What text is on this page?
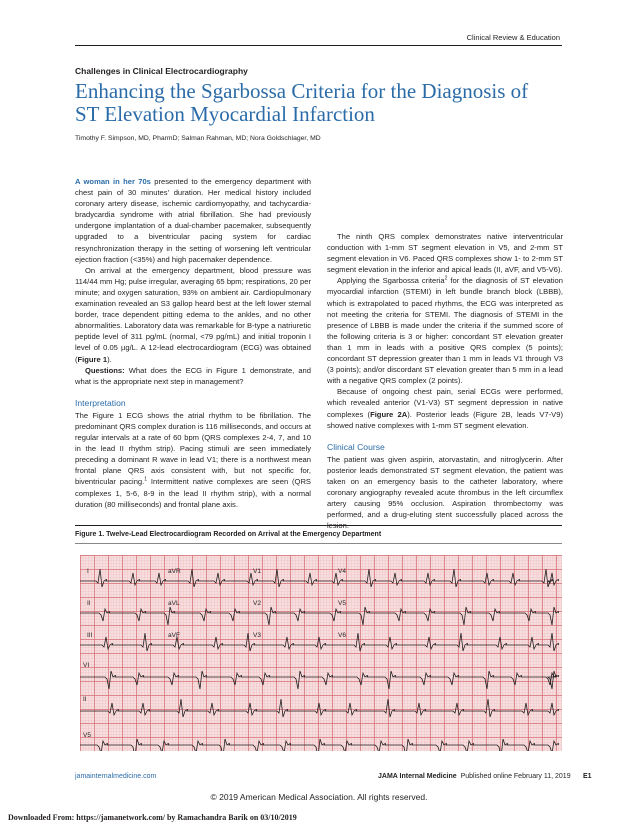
Clinical Review & Education
Challenges in Clinical Electrocardiography
Enhancing the Sgarbossa Criteria for the Diagnosis of ST Elevation Myocardial Infarction
Timothy F. Simpson, MD, PharmD; Salman Rahman, MD; Nora Goldschlager, MD

A woman in her 70s presented to the emergency department with chest pain of 30 minutes' duration. Her medical history included coronary artery disease, ischemic cardiomyopathy, and tachycardia-bradycardia syndrome with atrial fibrillation. She had previously undergone implantation of a dual-chamber pacemaker, subsequently upgraded to a biventricular pacing system for cardiac resynchronization therapy in the setting of worsening left ventricular ejection fraction (<35%) and high pacemaker dependence.

On arrival at the emergency department, blood pressure was 114/44 mm Hg; pulse irregular, averaging 65 bpm; respirations, 20 per minute; and oxygen saturation, 93% on ambient air. Cardiopulmonary examination revealed an S3 gallop heard best at the left lower sternal border, trace dependent pitting edema to the ankles, and no other abnormalities. Laboratory data was remarkable for B-type a natriuretic peptide level of 311 pg/mL (normal, <79 pg/mL) and initial troponin I level of 0.05 µg/L. A 12-lead electrocardiogram (ECG) was obtained (Figure 1).

Questions: What does the ECG in Figure 1 demonstrate, and what is the appropriate next step in management?

Interpretation

The Figure 1 ECG shows the atrial rhythm to be fibrillation. The predominant QRS complex duration is 116 milliseconds, and occurs at regular intervals at a rate of 60 bpm (QRS complexes 2-4, 7, and 10 in the lead II rhythm strip). Pacing stimuli are seen immediately preceding a dominant R wave in lead V1; there is a northwest mean frontal plane QRS axis consistent with, but not specific for, biventricular pacing.$^1$ Intermittent native complexes are seen (QRS complexes 1, 5-6, 8-9 in the lead II rhythm strip), with a normal duration (80 milliseconds) and frontal plane axis.

The ninth QRS complex demonstrates native interventricular conduction with 1-mm ST segment elevation in V5, and 2-mm ST segment elevation in V6. Paced QRS complexes show 1- to 2-mm ST segment elevation in the inferior and apical leads (II, aVF, and V5-V6).

Applying the Sgarbossa criteria$^2$ for the diagnosis of ST elevation myocardial infarction (STEMI) in left bundle branch block (LBBB), which is extrapolated to paced rhythms, the ECG was interpreted as not meeting the criteria for STEMI. The diagnosis of STEMI in the presence of LBBB is made under the criteria if the summed score of the following criteria is 3 or higher: concordant ST elevation greater than 1 mm in leads with a positive QRS complex (5 points); concordant ST depression greater than 1 mm in leads V1 through V3 (3 points); and/or discordant ST elevation greater than 5 mm in a lead with a negative QRS complex (2 points).

Because of ongoing chest pain, serial ECGs were performed, which revealed anterior (V1-V3) ST segment depression in native complexes (Figure 2A). Posterior leads (Figure 2B, leads V7-V9) showed native complexes with 1-mm ST segment elevation.

Clinical Course

The patient was given aspirin, atorvastatin, and nitroglycerin. After posterior leads demonstrated ST segment elevation, the patient was taken on an emergency basis to the catheter laboratory, where coronary angiography revealed acute thrombus in the left circumflex artery causing 95% occlusion. Aspiration thrombectomy was performed, and a drug-eluting stent successfully placed across the lesion.

Figure 1. Twelve-Lead Electrocardiogram Recorded on Arrival at the Emergency Department
I	aVR	V1	V4
II	aVL	V2	V5
III	aVF	V3	V6
VI
II
V5
jamainternalmedicine.com	JAMA Internal Medicine Published online February 11, 2019 E1
© 2019 American Medical Association. All rights reserved.
Downloaded From: https://jamanetwork.com/ by Ramachandra Barik on 03/10/2019
